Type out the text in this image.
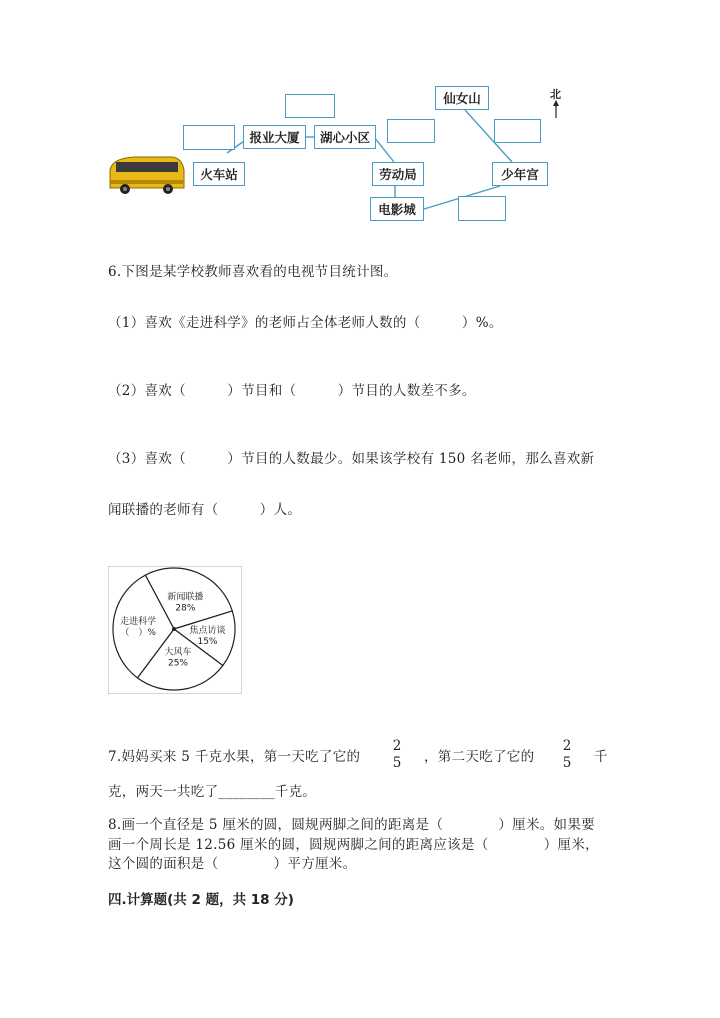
火车站
报业大厦	湖心小区
劳动局
电影城
少年宫
仙女山	北
6.下图是某学校教师喜欢看的电视节目统计图。
（1）喜欢《走进科学》的老师占全体老师人数的（　　　）%。
（2）喜欢（　　　）节目和（　　　）节目的人数差不多。
（3）喜欢（　　　）节目的人数最少。如果该学校有 150 名老师，那么喜欢新
闻联播的老师有（　　　）人。
新闻联播
28%
焦点访谈
15%
大风车
25%
走进科学
（　）%
7.妈妈买来 5 千克水果，第一天吃了它的
2
5 ，第二天吃了它的
2
5 千
克，两天一共吃了________千克。
8.画一个直径是 5 厘米的圆，圆规两脚之间的距离是（　　　　）厘米。如果要
画一个周长是 12.56 厘米的圆，圆规两脚之间的距离应该是（　　　　）厘米，
这个圆的面积是（　　　　）平方厘米。
四.计算题(共 2 题，共 18 分)
